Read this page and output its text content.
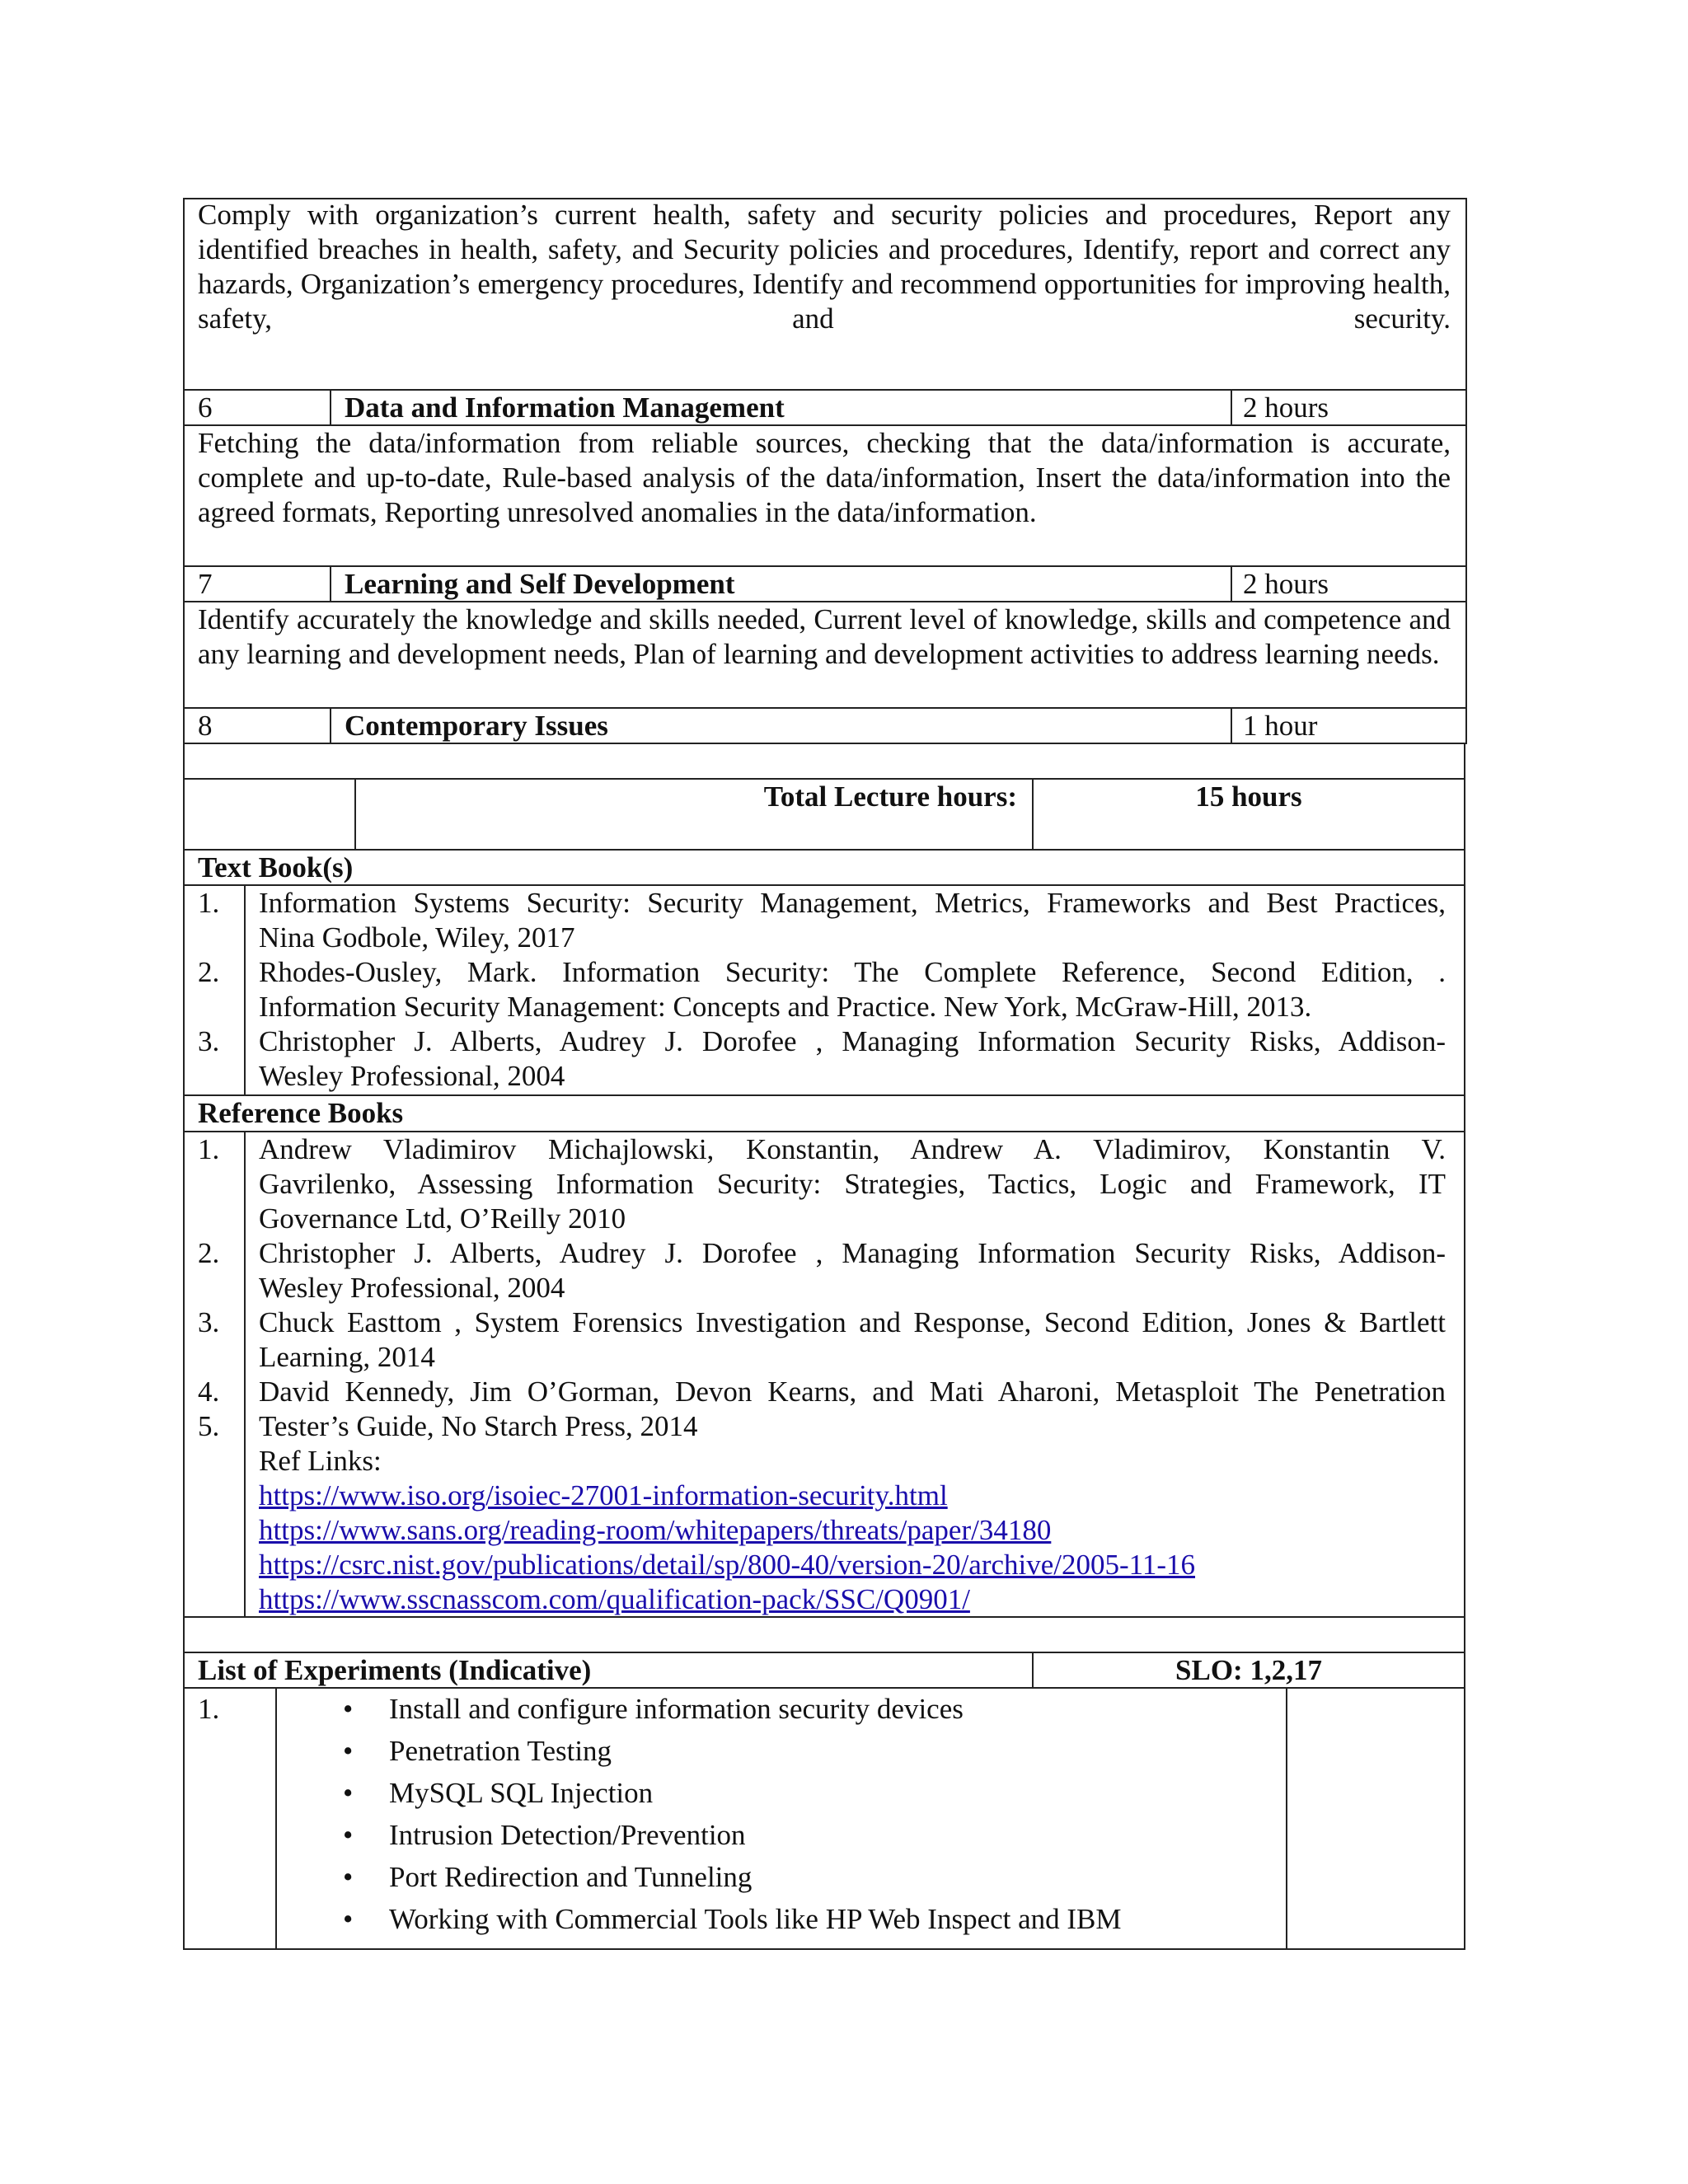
Comply with organization’s current health, safety and security policies and procedures, Report any identified breaches in health, safety, and Security policies and procedures, Identify, report and correct any hazards, Organization’s emergency procedures, Identify and recommend opportunities for improving health, safety, and security.
6	Data and Information Management	2 hours
Fetching the data/information from reliable sources, checking that the data/information is accurate, complete and up-to-date, Rule-based analysis of the data/information, Insert the data/information into the agreed formats, Reporting unresolved anomalies in the data/information.
7	Learning and Self Development	2 hours
Identify accurately the knowledge and skills needed, Current level of knowledge, skills and competence and any learning and development needs, Plan of learning and development activities to address learning needs.
8	Contemporary Issues	1 hour
Total Lecture hours:	15 hours
Text Book(s)
1. Information Systems Security: Security Management, Metrics, Frameworks and Best Practices,
Nina Godbole, Wiley, 2017
2. Rhodes-Ousley, Mark. Information Security: The Complete Reference, Second Edition, .
Information Security Management: Concepts and Practice. New York, McGraw-Hill, 2013.
3. Christopher J. Alberts, Audrey J. Dorofee , Managing Information Security Risks, Addison-
Wesley Professional, 2004
Reference Books
1. Andrew Vladimirov Michajlowski, Konstantin, Andrew A. Vladimirov, Konstantin V.
Gavrilenko, Assessing Information Security: Strategies, Tactics, Logic and Framework, IT
Governance Ltd, O’Reilly 2010
2. Christopher J. Alberts, Audrey J. Dorofee , Managing Information Security Risks, Addison-
Wesley Professional, 2004
3. Chuck Easttom , System Forensics Investigation and Response, Second Edition, Jones & Bartlett
Learning, 2014
4. David Kennedy, Jim O’Gorman, Devon Kearns, and Mati Aharoni, Metasploit The Penetration
5. Tester’s Guide, No Starch Press, 2014
Ref Links:
https://www.iso.org/isoiec-27001-information-security.html
https://www.sans.org/reading-room/whitepapers/threats/paper/34180
https://csrc.nist.gov/publications/detail/sp/800-40/version-20/archive/2005-11-16
https://www.sscnasscom.com/qualification-pack/SSC/Q0901/
List of Experiments (Indicative)	SLO: 1,2,17
1.	• Install and configure information security devices
• Penetration Testing
• MySQL SQL Injection
• Intrusion Detection/Prevention
• Port Redirection and Tunneling
• Working with Commercial Tools like HP Web Inspect and IBM
